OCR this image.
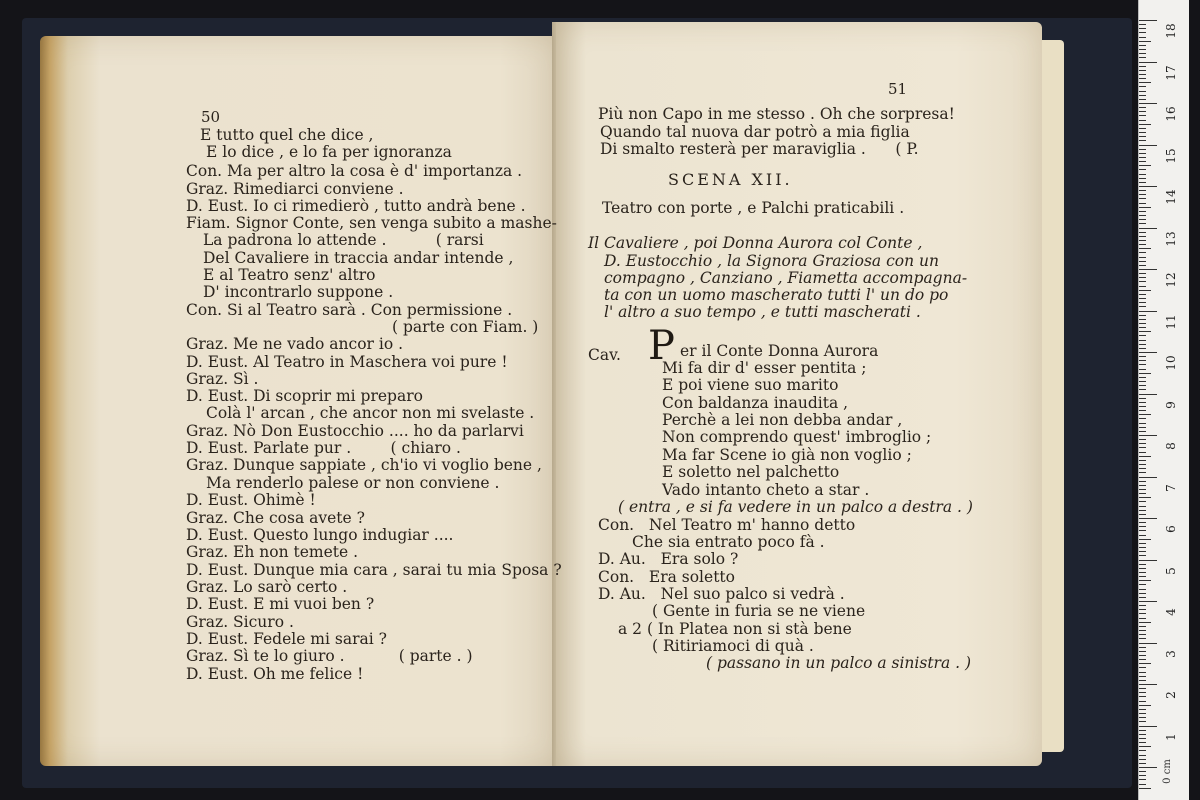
50
E tutto quel che dice ,
E lo dice , e lo fa per ignoranza
Con. Ma per altro la cosa è d' importanza .
Graz. Rimediarci conviene .
D. Eust. Io ci rimedierò , tutto andrà bene .
Fiam. Signor Conte, sen venga subito a mashe-
La padrona lo attende .          ( rarsi
Del Cavaliere in traccia andar intende ,
E al Teatro senz' altro
D' incontrarlo suppone .
Con. Si al Teatro sarà . Con permissione .
( parte con Fiam. )
Graz. Me ne vado ancor io .
D. Eust. Al Teatro in Maschera voi pure !
Graz. Sì .
D. Eust. Di scoprir mi preparo
Colà l' arcan , che ancor non mi svelaste .
Graz. Nò Don Eustocchio .... ho da parlarvi
D. Eust. Parlate pur .        ( chiaro .
Graz. Dunque sappiate , ch'io vi voglio bene ,
Ma renderlo palese or non conviene .
D. Eust. Ohimè !
Graz. Che cosa avete ?
D. Eust. Questo lungo indugiar ....
Graz. Eh non temete .
D. Eust. Dunque mia cara , sarai tu mia Sposa ?
Graz. Lo sarò certo .
D. Eust. E mi vuoi ben ?
Graz. Sicuro .
D. Eust. Fedele mi sarai ?
Graz. Sì te lo giuro .           ( parte . )
D. Eust. Oh me felice !
51
Più non Capo in me stesso . Oh che sorpresa!
Quando tal nuova dar potrò a mia figlia
Di smalto resterà per maraviglia .      ( P.
SCENA XII.
Teatro con porte , e Palchi praticabili .
Il Cavaliere , poi Donna Aurora col Conte ,
D. Eustocchio , la Signora Graziosa con un
compagno , Canziano , Fiametta accompagna-
ta con un uomo mascherato tutti l' un do po
l' altro a suo tempo , e tutti mascherati .
Cav. P er il Conte Donna Aurora
Mi fa dir d' esser pentita ;
E poi viene suo marito
Con baldanza inaudita ,
Perchè a lei non debba andar ,
Non comprendo quest' imbroglio ;
Ma far Scene io già non voglio ;
E soletto nel palchetto
Vado intanto cheto a star .
( entra , e si fa vedere in un palco a destra . )
Con.   Nel Teatro m' hanno detto
Che sia entrato poco fà .
D. Au.   Era solo ?
Con.   Era soletto
D. Au.   Nel suo palco si vedrà .
( Gente in furia se ne viene
a 2 ( In Platea non si stà bene
( Ritiriamoci di quà .
( passano in un palco a sinistra . )
18
17
16
15
14
13
12
11
10
9
8
7
6
5
4
3
2
1
0 cm
